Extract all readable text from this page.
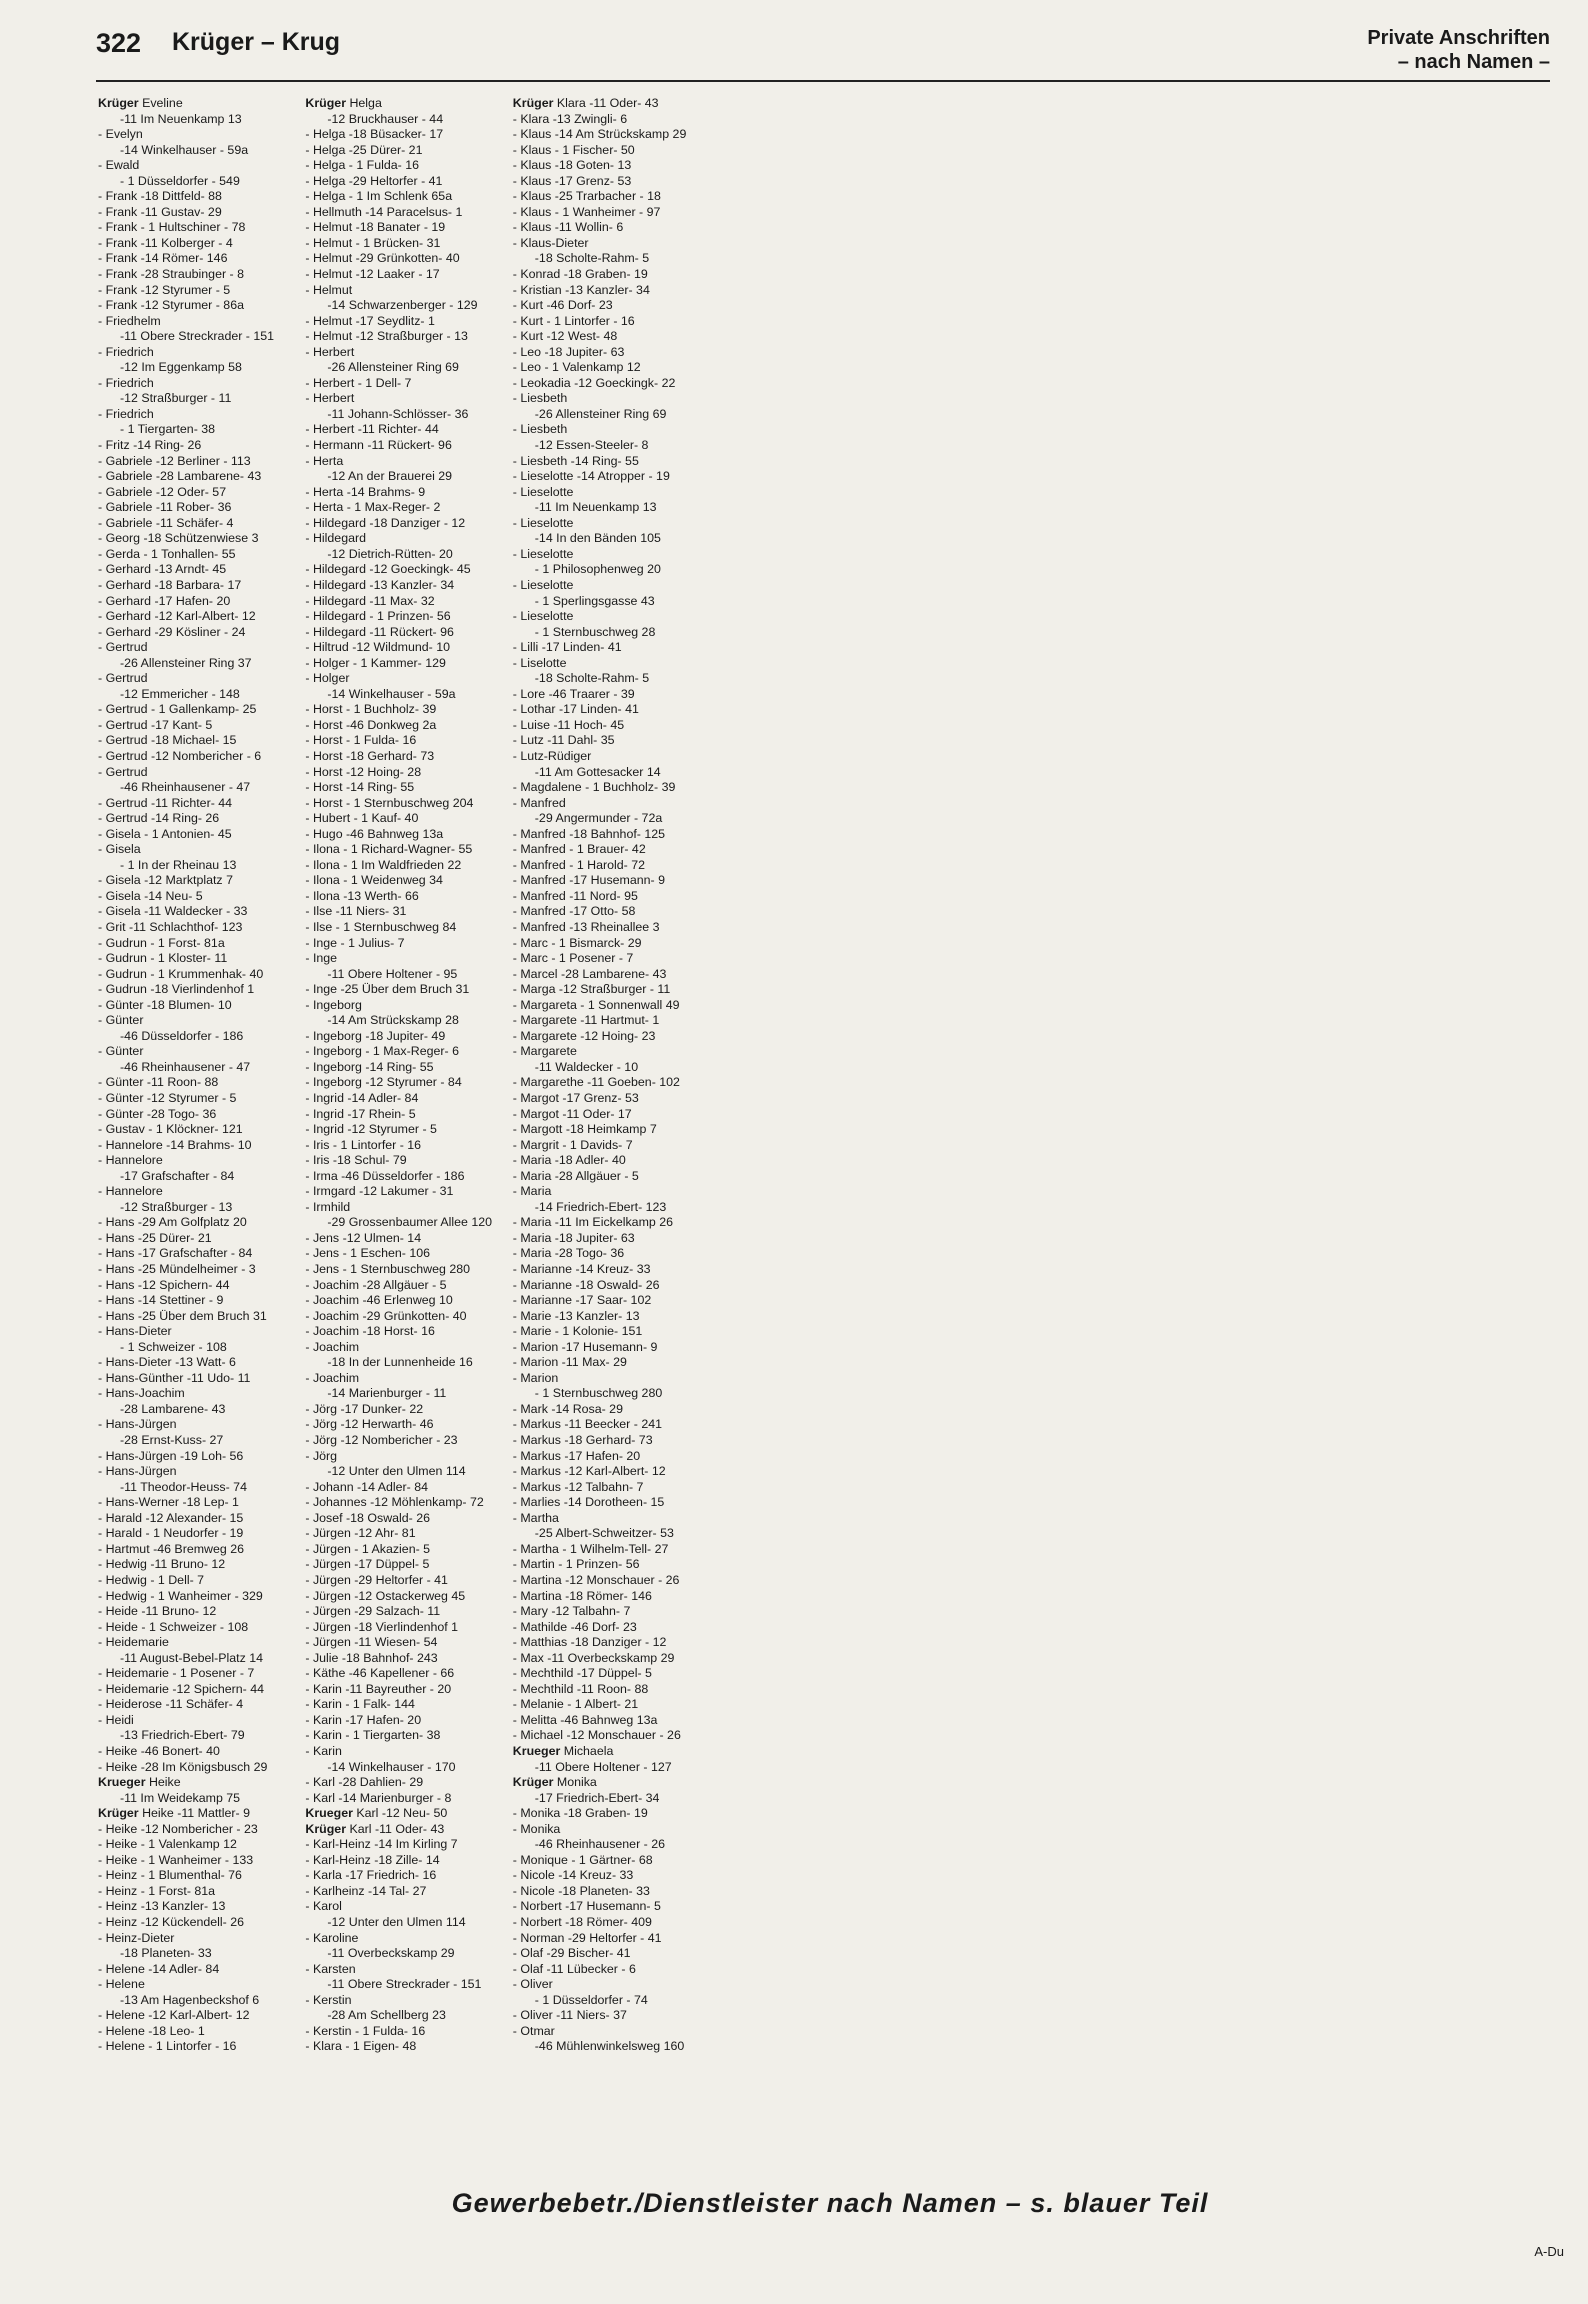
322 Krüger – Krug	Private Anschriften
– nach Namen –
Krüger Eveline
-11 Im Neuenkamp 13
- Evelyn
-14 Winkelhauser - 59a
- Ewald
- 1 Düsseldorfer - 549
- Frank -18 Dittfeld- 88
- Frank -11 Gustav- 29
- Frank - 1 Hultschiner - 78
- Frank -11 Kolberger - 4
- Frank -14 Römer- 146
- Frank -28 Straubinger - 8
- Frank -12 Styrumer - 5
- Frank -12 Styrumer - 86a
- Friedhelm
-11 Obere Streckrader - 151
- Friedrich
-12 Im Eggenkamp 58
- Friedrich
-12 Straßburger - 11
- Friedrich
- 1 Tiergarten- 38
- Fritz -14 Ring- 26
- Gabriele -12 Berliner - 113
- Gabriele -28 Lambarene- 43
- Gabriele -12 Oder- 57
- Gabriele -11 Rober- 36
- Gabriele -11 Schäfer- 4
- Georg -18 Schützenwiese 3
- Gerda - 1 Tonhallen- 55
- Gerhard -13 Arndt- 45
- Gerhard -18 Barbara- 17
- Gerhard -17 Hafen- 20
- Gerhard -12 Karl-Albert- 12
- Gerhard -29 Kösliner - 24
- Gertrud
-26 Allensteiner Ring 37
- Gertrud
-12 Emmericher - 148
- Gertrud - 1 Gallenkamp- 25
- Gertrud -17 Kant- 5
- Gertrud -18 Michael- 15
- Gertrud -12 Nombericher - 6
- Gertrud
-46 Rheinhausener - 47
- Gertrud -11 Richter- 44
- Gertrud -14 Ring- 26
- Gisela - 1 Antonien- 45
- Gisela
- 1 In der Rheinau 13
- Gisela -12 Marktplatz 7
- Gisela -14 Neu- 5
- Gisela -11 Waldecker - 33
- Grit -11 Schlachthof- 123
- Gudrun - 1 Forst- 81a
- Gudrun - 1 Kloster- 11
- Gudrun - 1 Krummenhak- 40
- Gudrun -18 Vierlindenhof 1
- Günter -18 Blumen- 10
- Günter
-46 Düsseldorfer - 186
- Günter
-46 Rheinhausener - 47
- Günter -11 Roon- 88
- Günter -12 Styrumer - 5
- Günter -28 Togo- 36
- Gustav - 1 Klöckner- 121
- Hannelore -14 Brahms- 10
- Hannelore
-17 Grafschafter - 84
- Hannelore
-12 Straßburger - 13
- Hans -29 Am Golfplatz 20
- Hans -25 Dürer- 21
- Hans -17 Grafschafter - 84
- Hans -25 Mündelheimer - 3
- Hans -12 Spichern- 44
- Hans -14 Stettiner - 9
- Hans -25 Über dem Bruch 31
- Hans-Dieter
- 1 Schweizer - 108
- Hans-Dieter -13 Watt- 6
- Hans-Günther -11 Udo- 11
- Hans-Joachim
-28 Lambarene- 43
- Hans-Jürgen
-28 Ernst-Kuss- 27
- Hans-Jürgen -19 Loh- 56
- Hans-Jürgen
-11 Theodor-Heuss- 74
- Hans-Werner -18 Lep- 1
- Harald -12 Alexander- 15
- Harald - 1 Neudorfer - 19
- Hartmut -46 Bremweg 26
- Hedwig -11 Bruno- 12
- Hedwig - 1 Dell- 7
- Hedwig - 1 Wanheimer - 329
- Heide -11 Bruno- 12
- Heide - 1 Schweizer - 108
- Heidemarie
-11 August-Bebel-Platz 14
- Heidemarie - 1 Posener - 7
- Heidemarie -12 Spichern- 44
- Heiderose -11 Schäfer- 4
- Heidi
-13 Friedrich-Ebert- 79
- Heike -46 Bonert- 40
- Heike -28 Im Königsbusch 29
Krueger Heike
-11 Im Weidekamp 75
Krüger Heike -11 Mattler- 9
- Heike -12 Nombericher - 23
- Heike - 1 Valenkamp 12
- Heike - 1 Wanheimer - 133
- Heinz - 1 Blumenthal- 76
- Heinz - 1 Forst- 81a
- Heinz -13 Kanzler- 13
- Heinz -12 Kückendell- 26
- Heinz-Dieter
-18 Planeten- 33
- Helene -14 Adler- 84
- Helene
-13 Am Hagenbeckshof 6
- Helene -12 Karl-Albert- 12
- Helene -18 Leo- 1
- Helene - 1 Lintorfer - 16
Krüger Helga
-12 Bruckhauser - 44
- Helga -18 Büsacker- 17
- Helga -25 Dürer- 21
- Helga - 1 Fulda- 16
- Helga -29 Heltorfer - 41
- Helga - 1 Im Schlenk 65a
- Hellmuth -14 Paracelsus- 1
- Helmut -18 Banater - 19
- Helmut - 1 Brücken- 31
- Helmut -29 Grünkotten- 40
- Helmut -12 Laaker - 17
- Helmut
-14 Schwarzenberger - 129
- Helmut -17 Seydlitz- 1
- Helmut -12 Straßburger - 13
- Herbert
-26 Allensteiner Ring 69
- Herbert - 1 Dell- 7
- Herbert
-11 Johann-Schlösser- 36
- Herbert -11 Richter- 44
- Hermann -11 Rückert- 96
- Herta
-12 An der Brauerei 29
- Herta -14 Brahms- 9
- Herta - 1 Max-Reger- 2
- Hildegard -18 Danziger - 12
- Hildegard
-12 Dietrich-Rütten- 20
- Hildegard -12 Goeckingk- 45
- Hildegard -13 Kanzler- 34
- Hildegard -11 Max- 32
- Hildegard - 1 Prinzen- 56
- Hildegard -11 Rückert- 96
- Hiltrud -12 Wildmund- 10
- Holger - 1 Kammer- 129
- Holger
-14 Winkelhauser - 59a
- Horst - 1 Buchholz- 39
- Horst -46 Donkweg 2a
- Horst - 1 Fulda- 16
- Horst -18 Gerhard- 73
- Horst -12 Hoing- 28
- Horst -14 Ring- 55
- Horst - 1 Sternbuschweg 204
- Hubert - 1 Kauf- 40
- Hugo -46 Bahnweg 13a
- Ilona - 1 Richard-Wagner- 55
- Ilona - 1 Im Waldfrieden 22
- Ilona - 1 Weidenweg 34
- Ilona -13 Werth- 66
- Ilse -11 Niers- 31
- Ilse - 1 Sternbuschweg 84
- Inge - 1 Julius- 7
- Inge
-11 Obere Holtener - 95
- Inge -25 Über dem Bruch 31
- Ingeborg
-14 Am Strückskamp 28
- Ingeborg -18 Jupiter- 49
- Ingeborg - 1 Max-Reger- 6
- Ingeborg -14 Ring- 55
- Ingeborg -12 Styrumer - 84
- Ingrid -14 Adler- 84
- Ingrid -17 Rhein- 5
- Ingrid -12 Styrumer - 5
- Iris - 1 Lintorfer - 16
- Iris -18 Schul- 79
- Irma -46 Düsseldorfer - 186
- Irmgard -12 Lakumer - 31
- Irmhild
-29 Grossenbaumer Allee 120
- Jens -12 Ulmen- 14
- Jens - 1 Eschen- 106
- Jens - 1 Sternbuschweg 280
- Joachim -28 Allgäuer - 5
- Joachim -46 Erlenweg 10
- Joachim -29 Grünkotten- 40
- Joachim -18 Horst- 16
- Joachim
-18 In der Lunnenheide 16
- Joachim
-14 Marienburger - 11
- Jörg -17 Dunker- 22
- Jörg -12 Herwarth- 46
- Jörg -12 Nombericher - 23
- Jörg
-12 Unter den Ulmen 114
- Johann -14 Adler- 84
- Johannes -12 Möhlenkamp- 72
- Josef -18 Oswald- 26
- Jürgen -12 Ahr- 81
- Jürgen - 1 Akazien- 5
- Jürgen -17 Düppel- 5
- Jürgen -29 Heltorfer - 41
- Jürgen -12 Ostackerweg 45
- Jürgen -29 Salzach- 11
- Jürgen -18 Vierlindenhof 1
- Jürgen -11 Wiesen- 54
- Julie -18 Bahnhof- 243
- Käthe -46 Kapellener - 66
- Karin -11 Bayreuther - 20
- Karin - 1 Falk- 144
- Karin -17 Hafen- 20
- Karin - 1 Tiergarten- 38
- Karin
-14 Winkelhauser - 170
- Karl -28 Dahlien- 29
- Karl -14 Marienburger - 8
Krueger Karl -12 Neu- 50
Krüger Karl -11 Oder- 43
- Karl-Heinz -14 Im Kirling 7
- Karl-Heinz -18 Zille- 14
- Karla -17 Friedrich- 16
- Karlheinz -14 Tal- 27
- Karol
-12 Unter den Ulmen 114
- Karoline
-11 Overbeckskamp 29
- Karsten
-11 Obere Streckrader - 151
- Kerstin
-28 Am Schellberg 23
- Kerstin - 1 Fulda- 16
- Klara - 1 Eigen- 48
Krüger Klara -11 Oder- 43
- Klara -13 Zwingli- 6
- Klaus -14 Am Strückskamp 29
- Klaus - 1 Fischer- 50
- Klaus -18 Goten- 13
- Klaus -17 Grenz- 53
- Klaus -25 Trarbacher - 18
- Klaus - 1 Wanheimer - 97
- Klaus -11 Wollin- 6
- Klaus-Dieter
-18 Scholte-Rahm- 5
- Konrad -18 Graben- 19
- Kristian -13 Kanzler- 34
- Kurt -46 Dorf- 23
- Kurt - 1 Lintorfer - 16
- Kurt -12 West- 48
- Leo -18 Jupiter- 63
- Leo - 1 Valenkamp 12
- Leokadia -12 Goeckingk- 22
- Liesbeth
-26 Allensteiner Ring 69
- Liesbeth
-12 Essen-Steeler- 8
- Liesbeth -14 Ring- 55
- Lieselotte -14 Atropper - 19
- Lieselotte
-11 Im Neuenkamp 13
- Lieselotte
-14 In den Bänden 105
- Lieselotte
- 1 Philosophenweg 20
- Lieselotte
- 1 Sperlingsgasse 43
- Lieselotte
- 1 Sternbuschweg 28
- Lilli -17 Linden- 41
- Liselotte
-18 Scholte-Rahm- 5
- Lore -46 Traarer - 39
- Lothar -17 Linden- 41
- Luise -11 Hoch- 45
- Lutz -11 Dahl- 35
- Lutz-Rüdiger
-11 Am Gottesacker 14
- Magdalene - 1 Buchholz- 39
- Manfred
-29 Angermunder - 72a
- Manfred -18 Bahnhof- 125
- Manfred - 1 Brauer- 42
- Manfred - 1 Harold- 72
- Manfred -17 Husemann- 9
- Manfred -11 Nord- 95
- Manfred -17 Otto- 58
- Manfred -13 Rheinallee 3
- Marc - 1 Bismarck- 29
- Marc - 1 Posener - 7
- Marcel -28 Lambarene- 43
- Marga -12 Straßburger - 11
- Margareta - 1 Sonnenwall 49
- Margarete -11 Hartmut- 1
- Margarete -12 Hoing- 23
- Margarete
-11 Waldecker - 10
- Margarethe -11 Goeben- 102
- Margot -17 Grenz- 53
- Margot -11 Oder- 17
- Margott -18 Heimkamp 7
- Margrit - 1 Davids- 7
- Maria -18 Adler- 40
- Maria -28 Allgäuer - 5
- Maria
-14 Friedrich-Ebert- 123
- Maria -11 Im Eickelkamp 26
- Maria -18 Jupiter- 63
- Maria -28 Togo- 36
- Marianne -14 Kreuz- 33
- Marianne -18 Oswald- 26
- Marianne -17 Saar- 102
- Marie -13 Kanzler- 13
- Marie - 1 Kolonie- 151
- Marion -17 Husemann- 9
- Marion -11 Max- 29
- Marion
- 1 Sternbuschweg 280
- Mark -14 Rosa- 29
- Markus -11 Beecker - 241
- Markus -18 Gerhard- 73
- Markus -17 Hafen- 20
- Markus -12 Karl-Albert- 12
- Markus -12 Talbahn- 7
- Marlies -14 Dorotheen- 15
- Martha
-25 Albert-Schweitzer- 53
- Martha - 1 Wilhelm-Tell- 27
- Martin - 1 Prinzen- 56
- Martina -12 Monschauer - 26
- Martina -18 Römer- 146
- Mary -12 Talbahn- 7
- Mathilde -46 Dorf- 23
- Matthias -18 Danziger - 12
- Max -11 Overbeckskamp 29
- Mechthild -17 Düppel- 5
- Mechthild -11 Roon- 88
- Melanie - 1 Albert- 21
- Melitta -46 Bahnweg 13a
- Michael -12 Monschauer - 26
Krueger Michaela
-11 Obere Holtener - 127
Krüger Monika
-17 Friedrich-Ebert- 34
- Monika -18 Graben- 19
- Monika
-46 Rheinhausener - 26
- Monique - 1 Gärtner- 68
- Nicole -14 Kreuz- 33
- Nicole -18 Planeten- 33
- Norbert -17 Husemann- 5
- Norbert -18 Römer- 409
- Norman -29 Heltorfer - 41
- Olaf -29 Bischer- 41
- Olaf -11 Lübecker - 6
- Oliver
- 1 Düsseldorfer - 74
- Oliver -11 Niers- 37
- Otmar
-46 Mühlenwinkelsweg 160
Gewerbebetr./Dienstleister nach Namen – s. blauer Teil
A-Du
